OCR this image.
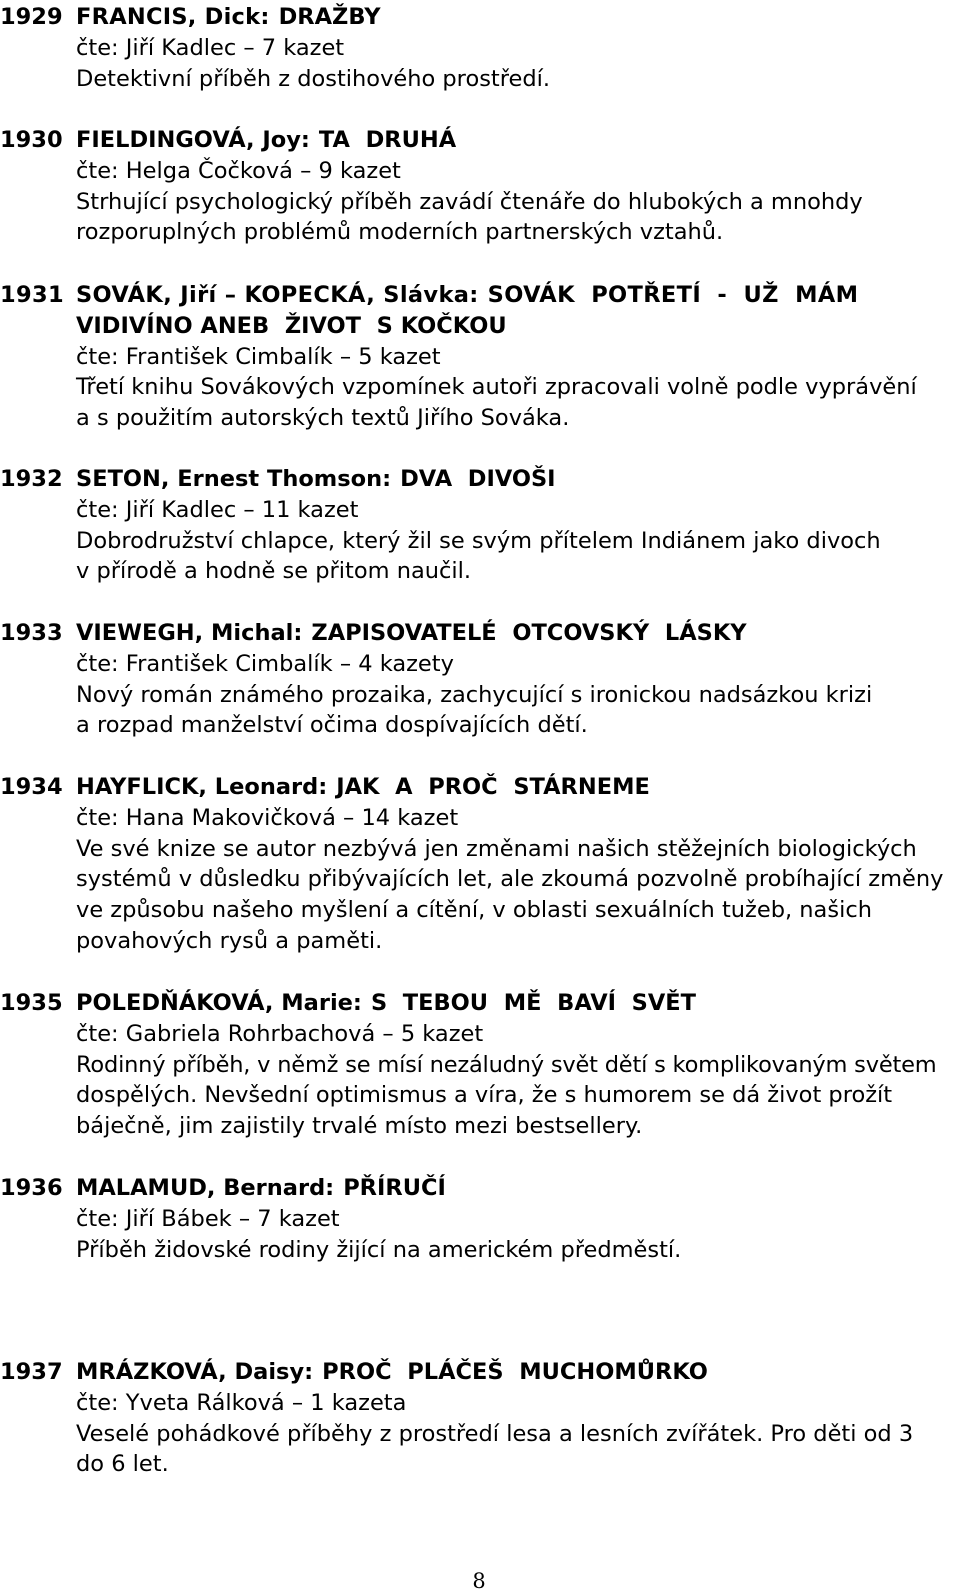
1929 FRANCIS, Dick: DRAŽBY
čte: Jiří Kadlec – 7 kazet
Detektivní příběh z dostihového prostředí.
1930 FIELDINGOVÁ, Joy: TA  DRUHÁ
čte: Helga Čočková – 9 kazet
Strhující psychologický příběh zavádí čtenáře do hlubokých a mnohdy
rozporuplných problémů moderních partnerských vztahů.
1931 SOVÁK, Jiří – KOPECKÁ, Slávka: SOVÁK  POTŘETÍ  -  UŽ  MÁM
VIDIVÍNO ANEB  ŽIVOT  S KOČKOU
čte: František Cimbalík – 5 kazet
Třetí knihu Sovákových vzpomínek autoři zpracovali volně podle vyprávění
a s použitím autorských textů Jiřího Sováka.
1932 SETON, Ernest Thomson: DVA  DIVOŠI
čte: Jiří Kadlec – 11 kazet
Dobrodružství chlapce, který žil se svým přítelem Indiánem jako divoch
v přírodě a hodně se přitom naučil.
1933 VIEWEGH, Michal: ZAPISOVATELÉ  OTCOVSKÝ  LÁSKY
čte: František Cimbalík – 4 kazety
Nový román známého prozaika, zachycující s ironickou nadsázkou krizi
a rozpad manželství očima dospívajících dětí.
1934 HAYFLICK, Leonard: JAK  A  PROČ  STÁRNEME
čte: Hana Makovičková – 14 kazet
Ve své knize se autor nezbývá jen změnami našich stěžejních biologických
systémů v důsledku přibývajících let, ale zkoumá pozvolně probíhající změny
ve způsobu našeho myšlení a cítění, v oblasti sexuálních tužeb, našich
povahových rysů a paměti.
1935 POLEDŇÁKOVÁ, Marie: S  TEBOU  MĚ  BAVÍ  SVĚT
čte: Gabriela Rohrbachová – 5 kazet
Rodinný příběh, v němž se mísí nezáludný svět dětí s komplikovaným světem
dospělých. Nevšední optimismus a víra, že s humorem se dá život prožít
báječně, jim zajistily trvalé místo mezi bestsellery.
1936 MALAMUD, Bernard: PŘÍRUČÍ
čte: Jiří Bábek – 7 kazet
Příběh židovské rodiny žijící na americkém předměstí.
1937 MRÁZKOVÁ, Daisy: PROČ  PLÁČEŠ  MUCHOMŮRKO
čte: Yveta Rálková – 1 kazeta
Veselé pohádkové příběhy z prostředí lesa a lesních zvířátek. Pro děti od 3
do 6 let.
8
